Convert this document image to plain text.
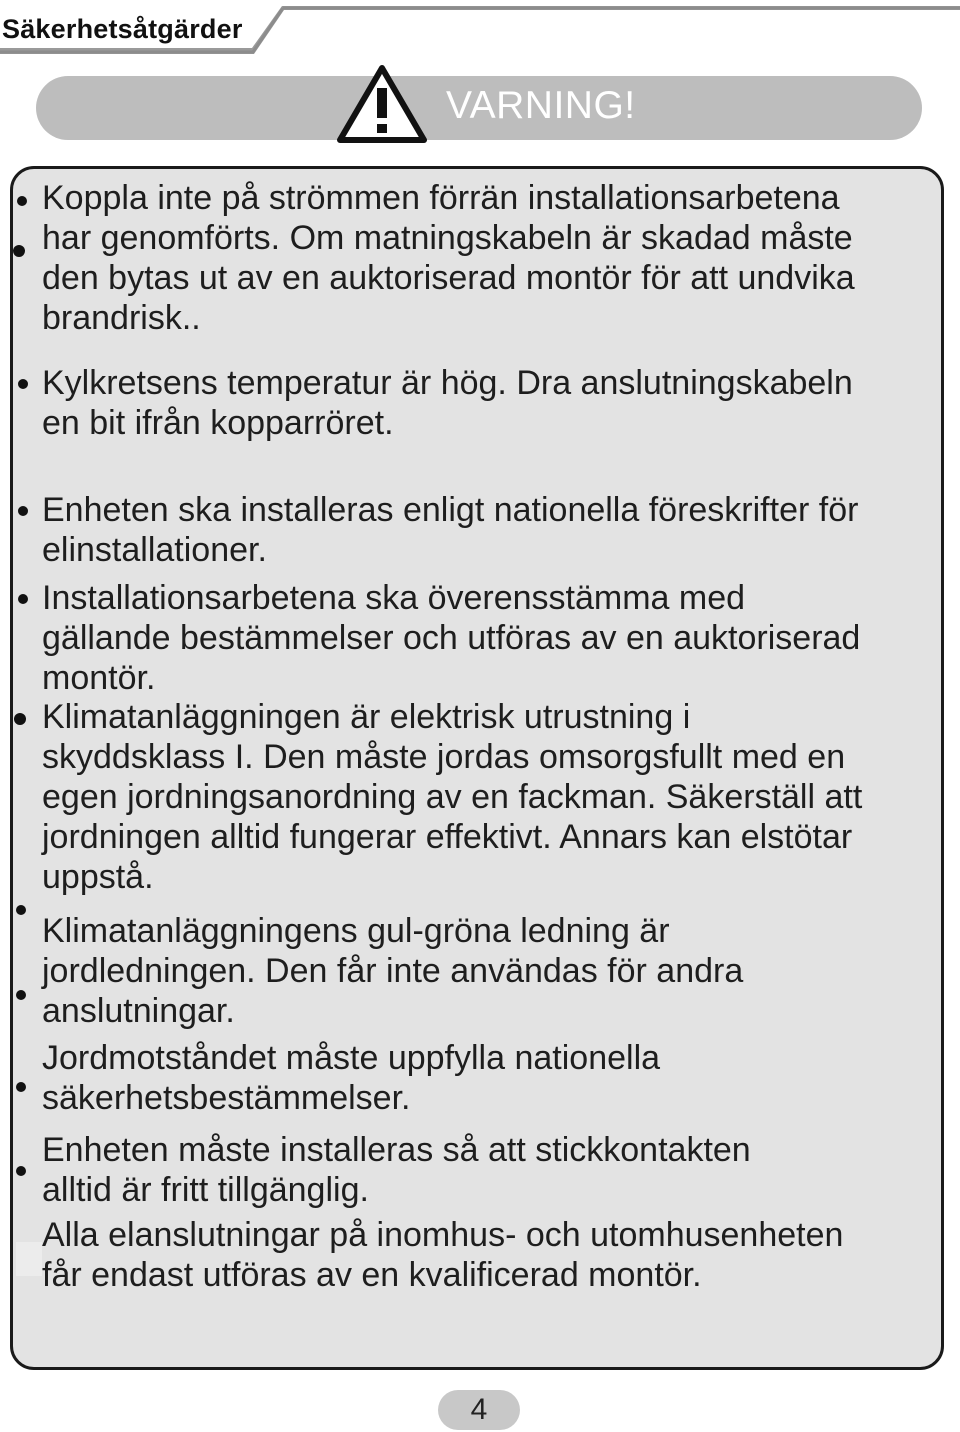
Säkerhetsåtgärder
VARNING!

Koppla inte på strömmen förrän installationsarbetena
har genomförts. Om matningskabeln är skadad måste
den bytas ut av en auktoriserad montör för att undvika
brandrisk..

Kylkretsens temperatur är hög. Dra anslutningskabeln
en bit ifrån kopparröret.

Enheten ska installeras enligt nationella föreskrifter för
elinstallationer.

Installationsarbetena ska överensstämma med
gällande bestämmelser och utföras av en auktoriserad
montör.

Klimatanläggningen är elektrisk utrustning i
skyddsklass I. Den måste jordas omsorgsfullt med en
egen jordningsanordning av en fackman. Säkerställ att
jordningen alltid fungerar effektivt. Annars kan elstötar
uppstå.

Klimatanläggningens gul-gröna ledning är
jordledningen. Den får inte användas för andra
anslutningar.

Jordmotståndet måste uppfylla nationella
säkerhetsbestämmelser.

Enheten måste installeras så att stickkontakten
alltid är fritt tillgänglig.

Alla elanslutningar på inomhus- och utomhusenheten
får endast utföras av en kvalificerad montör.

4
